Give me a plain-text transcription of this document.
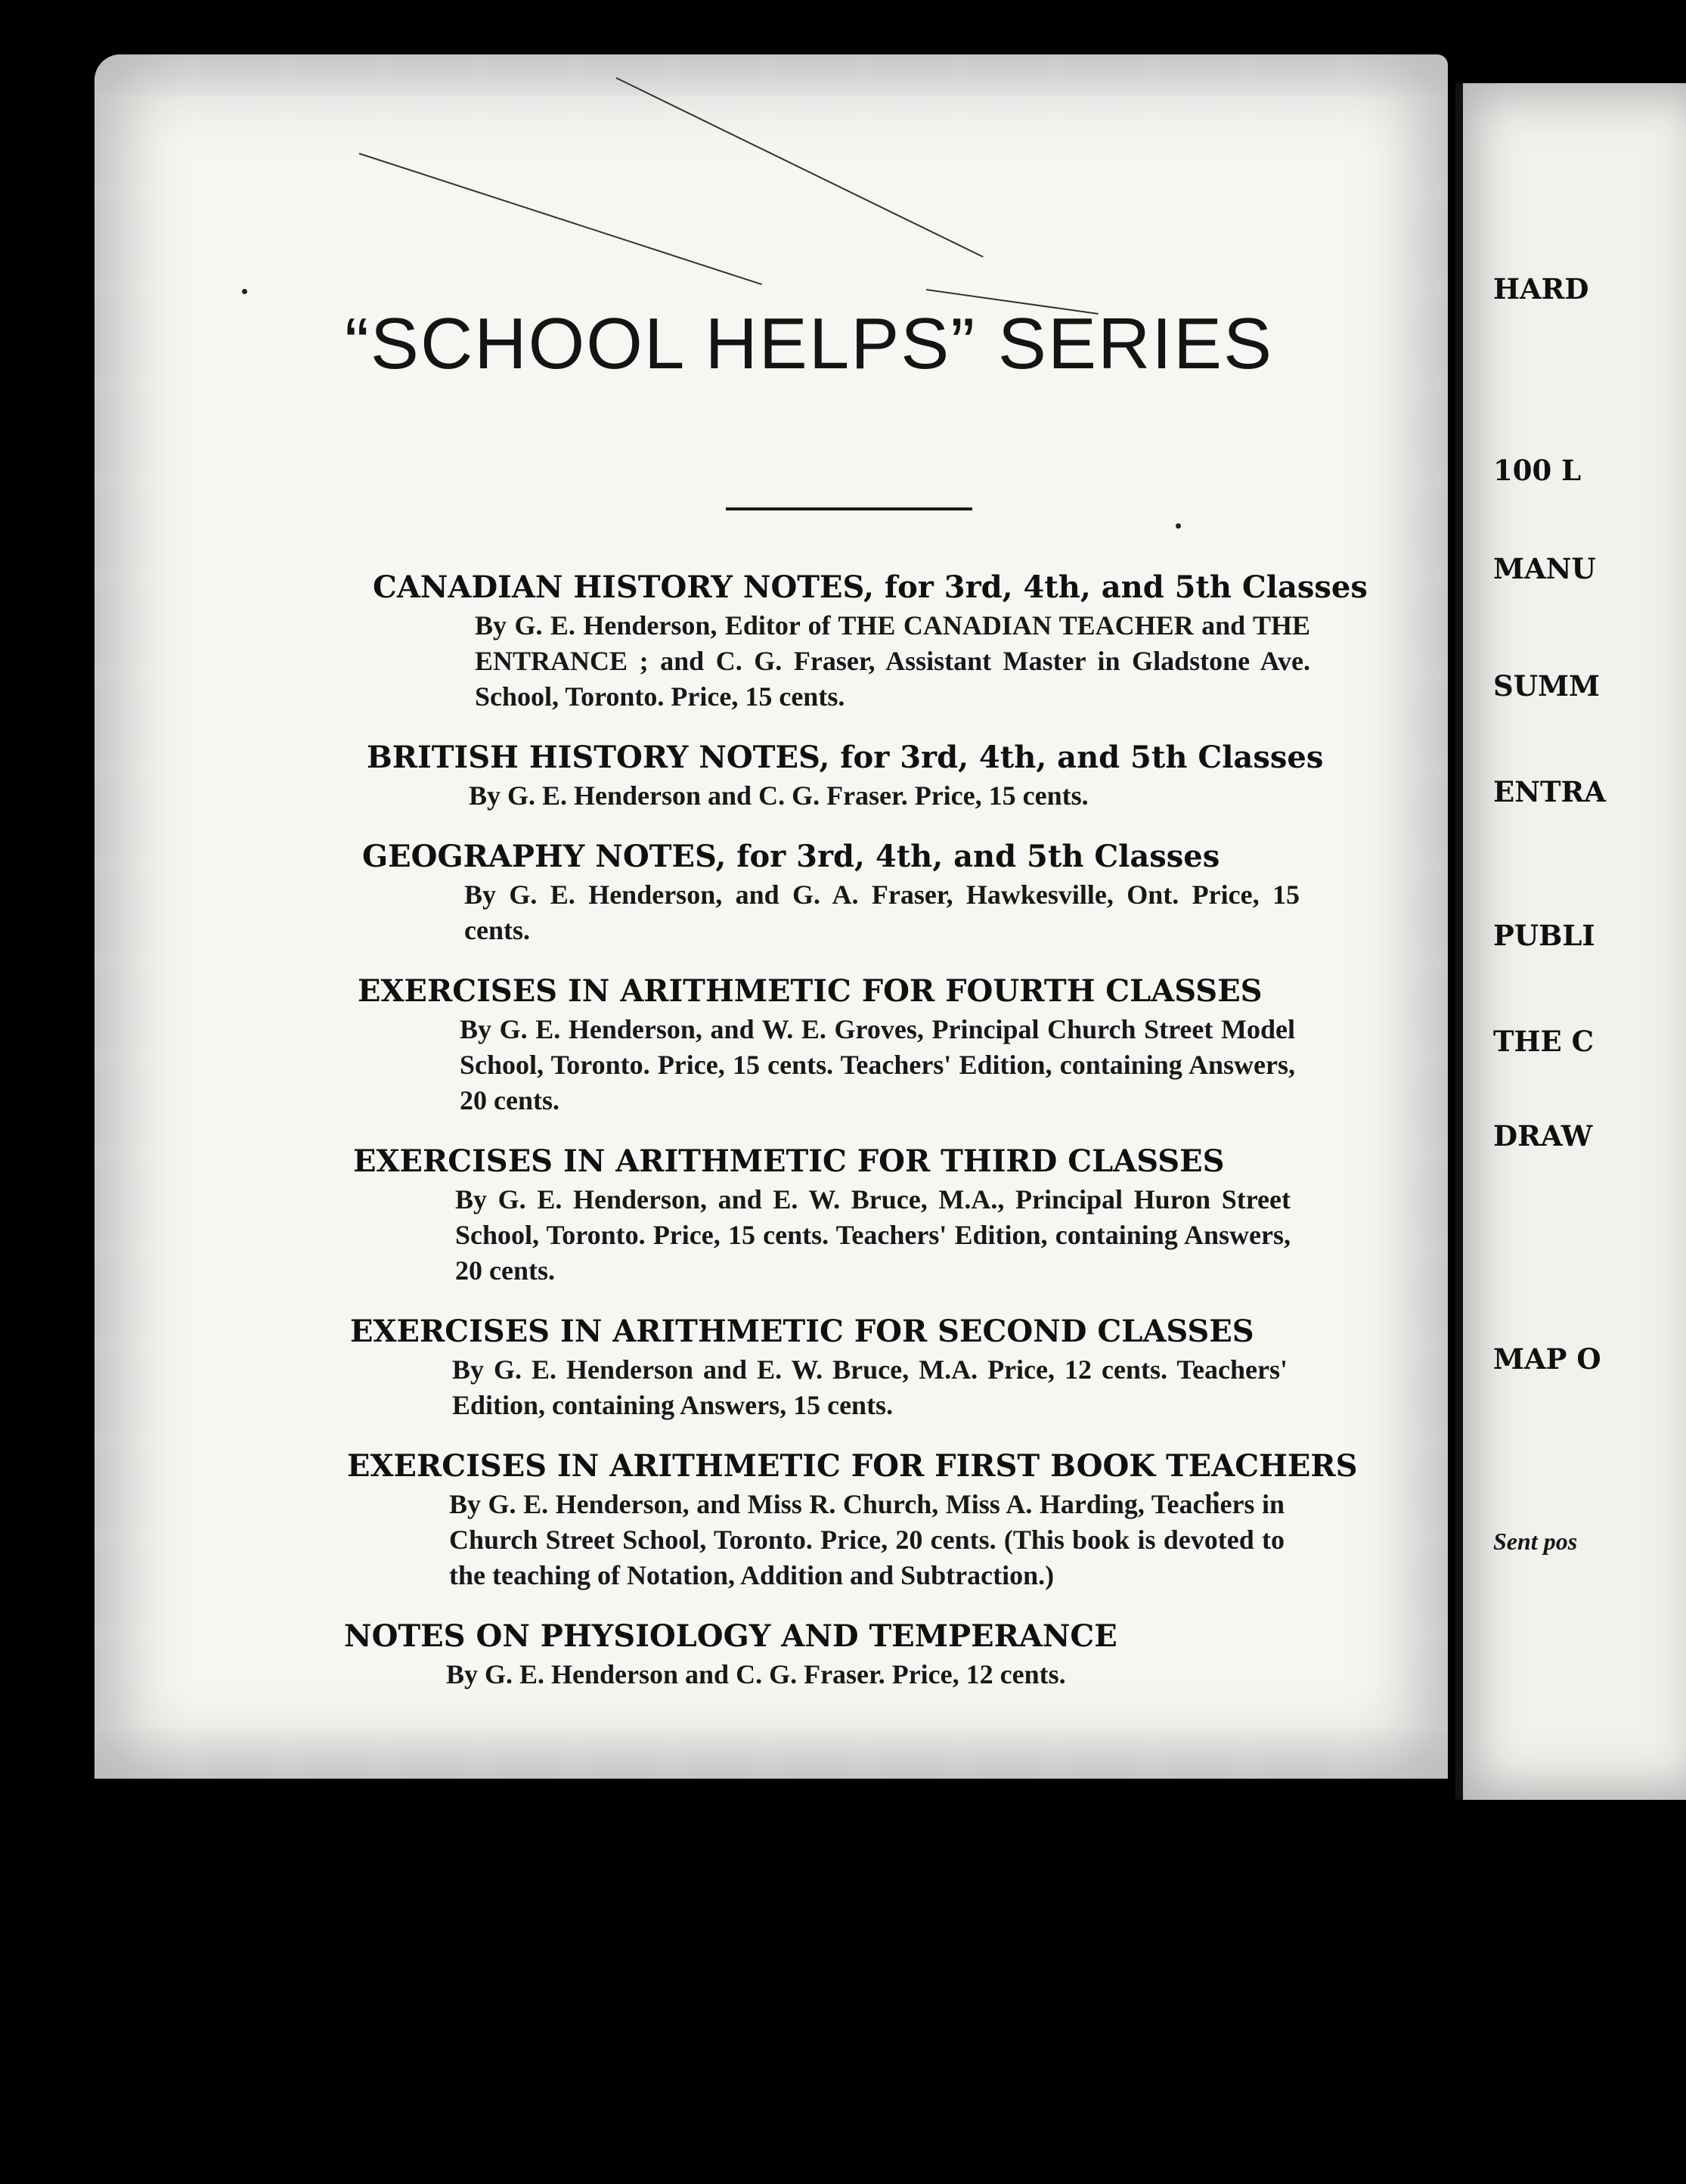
“SCHOOL HELPS” SERIES
CANADIAN HISTORY NOTES, for 3rd, 4th, and 5th Classes
By G. E. Henderson, Editor of THE CANADIAN TEACHER and THE ENTRANCE ; and C. G. Fraser, Assistant Master in Gladstone Ave. School, Toronto. Price, 15 cents.
BRITISH HISTORY NOTES, for 3rd, 4th, and 5th Classes
By G. E. Henderson and C. G. Fraser. Price, 15 cents.
GEOGRAPHY NOTES, for 3rd, 4th, and 5th Classes
By G. E. Henderson, and G. A. Fraser, Hawkesville, Ont. Price, 15 cents.
EXERCISES IN ARITHMETIC FOR FOURTH CLASSES
By G. E. Henderson, and W. E. Groves, Principal Church Street Model School, Toronto. Price, 15 cents. Teachers' Edition, containing Answers, 20 cents.
EXERCISES IN ARITHMETIC FOR THIRD CLASSES
By G. E. Henderson, and E. W. Bruce, M.A., Principal Huron Street School, Toronto. Price, 15 cents. Teachers' Edition, containing Answers, 20 cents.
EXERCISES IN ARITHMETIC FOR SECOND CLASSES
By G. E. Henderson and E. W. Bruce, M.A. Price, 12 cents. Teachers' Edition, containing Answers, 15 cents.
EXERCISES IN ARITHMETIC FOR FIRST BOOK TEACHERS
By G. E. Henderson, and Miss R. Church, Miss A. Harding, Teachers in Church Street School, Toronto. Price, 20 cents. (This book is devoted to the teaching of Notation, Addition and Subtraction.)
NOTES ON PHYSIOLOGY AND TEMPERANCE
By G. E. Henderson and C. G. Fraser. Price, 12 cents.
HARD
100 L
MANU
SUMM
ENTRA
PUBLI
THE C
DRAW
MAP O
Sent pos
